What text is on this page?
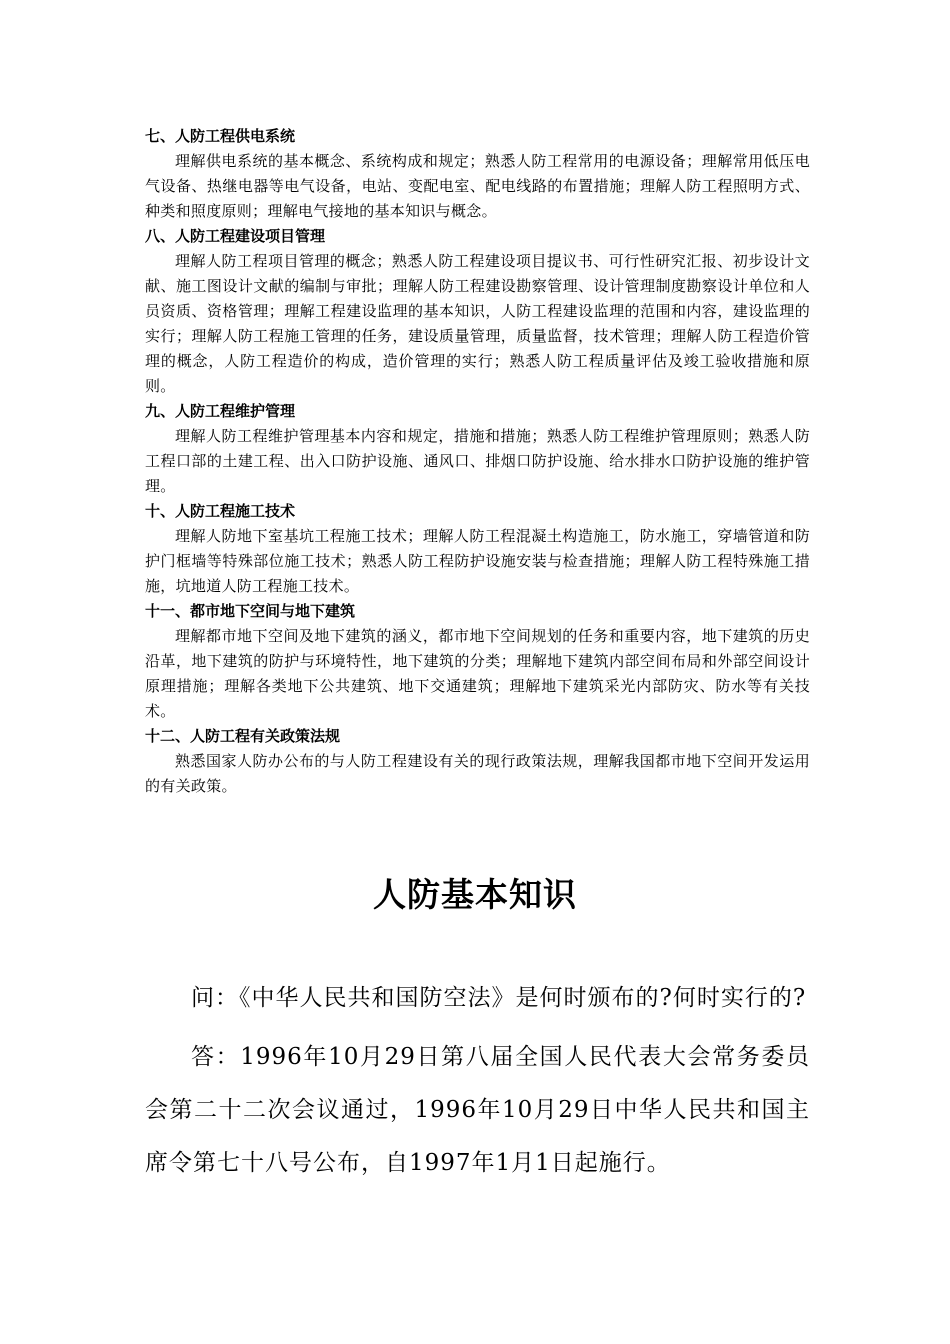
七、人防工程供电系统

理解供电系统的基本概念、系统构成和规定；熟悉人防工程常用的电源设备；理解常用低压电气设备、热继电器等电气设备，电站、变配电室、配电线路的布置措施；理解人防工程照明方式、种类和照度原则；理解电气接地的基本知识与概念。

八、人防工程建设项目管理

理解人防工程项目管理的概念；熟悉人防工程建设项目提议书、可行性研究汇报、初步设计文献、施工图设计文献的编制与审批；理解人防工程建设勘察管理、设计管理制度勘察设计单位和人员资质、资格管理；理解工程建设监理的基本知识，人防工程建设监理的范围和内容，建设监理的实行；理解人防工程施工管理的任务，建设质量管理，质量监督，技术管理；理解人防工程造价管理的概念，人防工程造价的构成，造价管理的实行；熟悉人防工程质量评估及竣工验收措施和原则。

九、人防工程维护管理

理解人防工程维护管理基本内容和规定，措施和措施；熟悉人防工程维护管理原则；熟悉人防工程口部的土建工程、出入口防护设施、通风口、排烟口防护设施、给水排水口防护设施的维护管理。

十、人防工程施工技术

理解人防地下室基坑工程施工技术；理解人防工程混凝土构造施工，防水施工，穿墙管道和防护门框墙等特殊部位施工技术；熟悉人防工程防护设施安装与检查措施；理解人防工程特殊施工措施，坑地道人防工程施工技术。

十一、都市地下空间与地下建筑

理解都市地下空间及地下建筑的涵义，都市地下空间规划的任务和重要内容，地下建筑的历史沿革，地下建筑的防护与环境特性，地下建筑的分类；理解地下建筑内部空间布局和外部空间设计原理措施；理解各类地下公共建筑、地下交通建筑；理解地下建筑采光内部防灾、防水等有关技术。

十二、人防工程有关政策法规

熟悉国家人防办公布的与人防工程建设有关的现行政策法规，理解我国都市地下空间开发运用的有关政策。

人防基本知识

问：《中华人民共和国防空法》是何时颁布的?何时实行的?

答：1996年10月29日第八届全国人民代表大会常务委员会第二十二次会议通过，1996年10月29日中华人民共和国主席令第七十八号公布，自1997年1月1日起施行。
